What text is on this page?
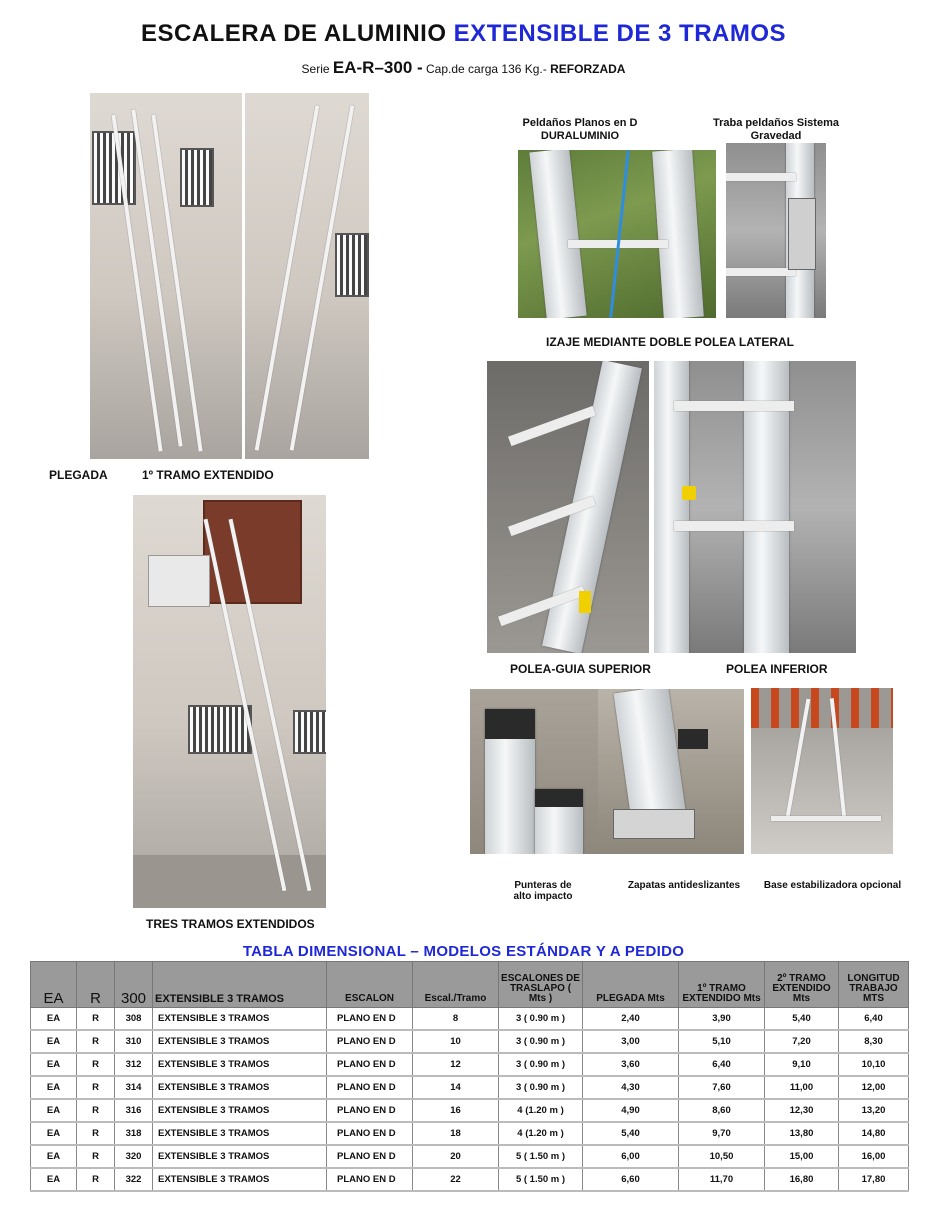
ESCALERA DE ALUMINIO EXTENSIBLE DE 3 TRAMOS
Serie EA-R–300 - Cap.de carga 136 Kg.- REFORZADA
PLEGADA	1º TRAMO EXTENDIDO
TRES TRAMOS EXTENDIDOS
Peldaños Planos en D
DURALUMINIO
Traba peldaños Sistema
Gravedad
IZAJE MEDIANTE DOBLE POLEA LATERAL
POLEA-GUIA SUPERIOR	POLEA INFERIOR
Punteras de
alto impacto
Zapatas antideslizantes	Base estabilizadora opcional
TABLA DIMENSIONAL – MODELOS ESTÁNDAR Y A PEDIDO
EA	R	300	EXTENSIBLE 3 TRAMOS	ESCALON	Escal./Tramo	ESCALONES DE TRASLAPO ( Mts )	PLEGADA Mts	1º TRAMO EXTENDIDO Mts	2º TRAMO EXTENDIDO Mts	LONGITUD TRABAJO MTS
EA	R	308	EXTENSIBLE 3 TRAMOS	PLANO EN D	8	3 ( 0.90 m )	2,40	3,90	5,40	6,40
EA	R	310	EXTENSIBLE 3 TRAMOS	PLANO EN D	10	3 ( 0.90 m )	3,00	5,10	7,20	8,30
EA	R	312	EXTENSIBLE 3 TRAMOS	PLANO EN D	12	3 ( 0.90 m )	3,60	6,40	9,10	10,10
EA	R	314	EXTENSIBLE 3 TRAMOS	PLANO EN D	14	3 ( 0.90 m )	4,30	7,60	11,00	12,00
EA	R	316	EXTENSIBLE 3 TRAMOS	PLANO EN D	16	4 (1.20 m )	4,90	8,60	12,30	13,20
EA	R	318	EXTENSIBLE 3 TRAMOS	PLANO EN D	18	4 (1.20 m )	5,40	9,70	13,80	14,80
EA	R	320	EXTENSIBLE 3 TRAMOS	PLANO EN D	20	5 ( 1.50 m )	6,00	10,50	15,00	16,00
EA	R	322	EXTENSIBLE 3 TRAMOS	PLANO EN D	22	5 ( 1.50 m )	6,60	11,70	16,80	17,80
